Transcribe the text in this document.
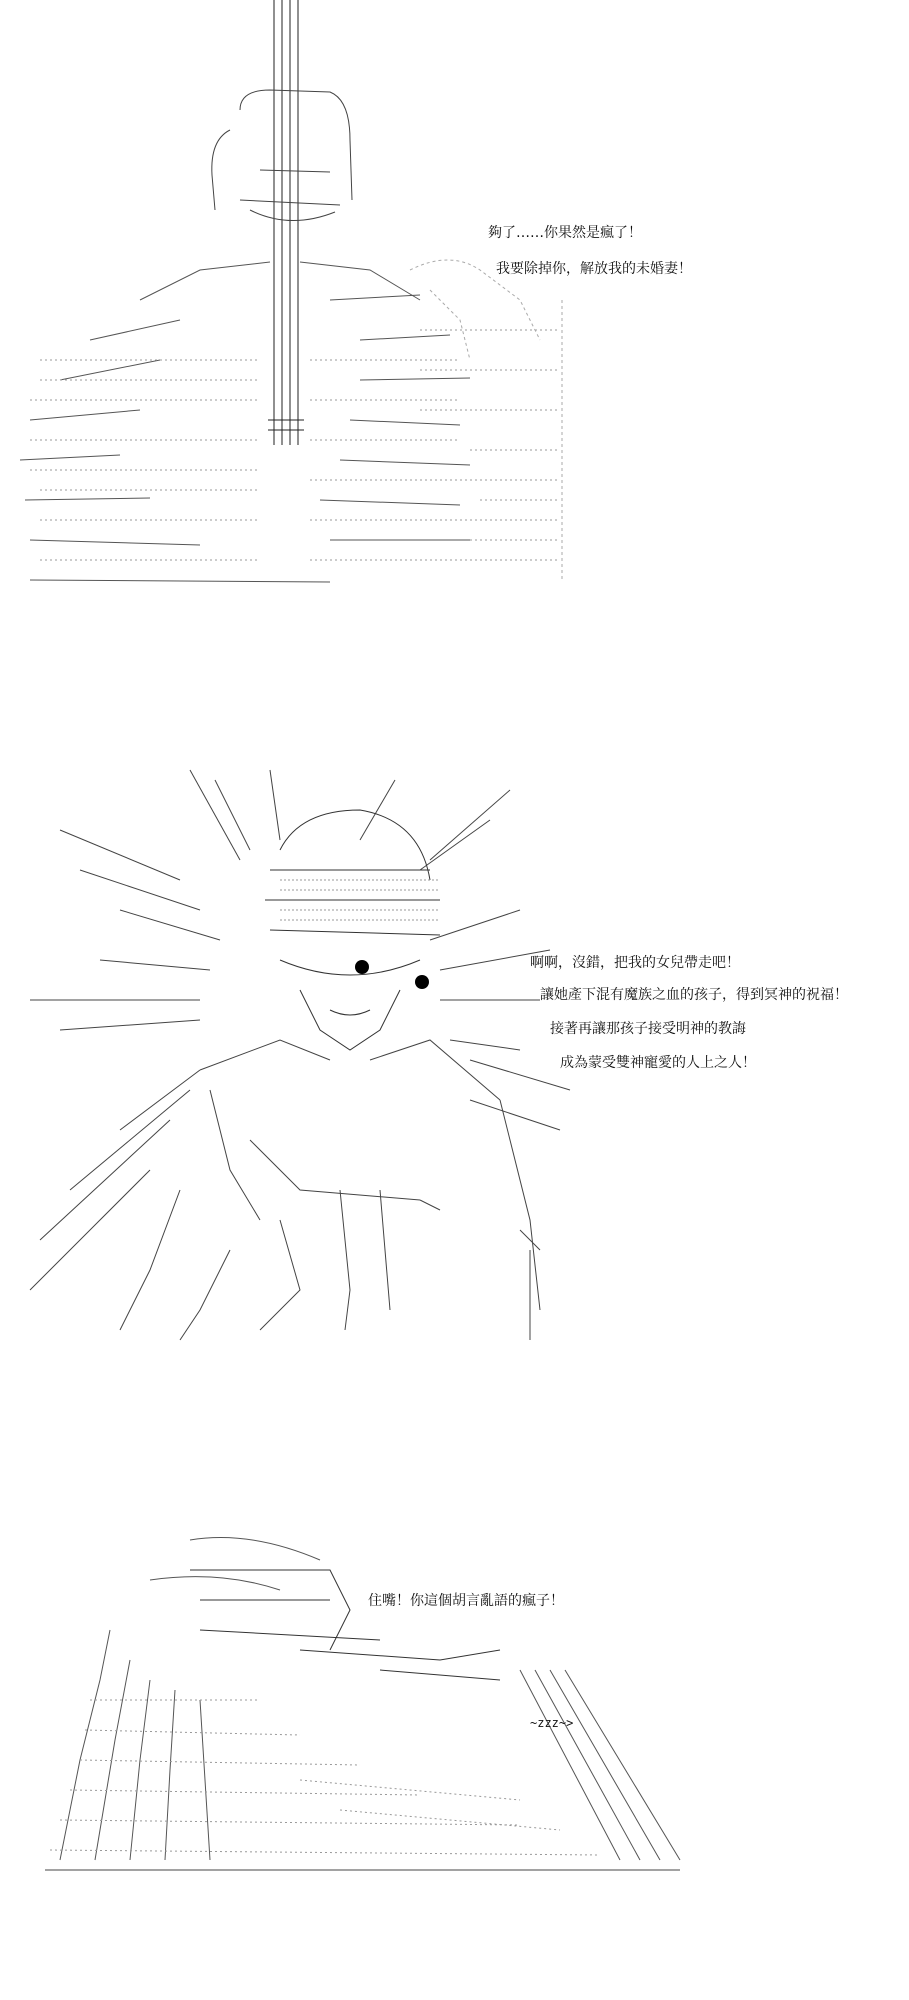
夠了……你果然是瘋了！
我要除掉你，解放我的未婚妻！
啊啊，沒錯，把我的女兒帶走吧！
讓她產下混有魔族之血的孩子，得到冥神的祝福！
接著再讓那孩子接受明神的教誨
成為蒙受雙神寵愛的人上之人！
住嘴！你這個胡言亂語的瘋子！
~zzz~>
